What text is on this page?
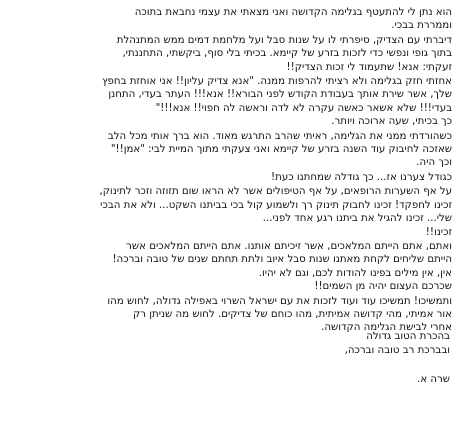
הוא נתן לי להתעטף בגלימה הקדושה ואני מצאתי את עצמי נחבאת בתוכה
וממררת בבכי.
דיברתי עם הצדיק, סיפרתי לו על שנות סבל ועל מלחמת דמים ממש המתנהלת
בתוך גופי ונפשי כדי לזכות בזרע של קיימא. בכיתי בלי סוף, ביקשתי, התחננתי,
זעקתי: אנא! שתעמוד לי זכות הצדיק!!
אחזתי חזק בגלימה ולא רציתי להרפות ממנה. "אנא צדיק עליון!! אני אוחזת בחפץ
שלך, אשר שירת אותך בעבודת הקודש לפני הבורא!! אנא!!! העתר בעדי, התחנן
בעדי!!! שלא אשאר כאשה עקרה לא לדה וראשה לה חפוי!! אנא!!!"
כך בכיתי, שעה ארוכה ויותר.
כשהורדתי ממני את הגלימה, ראיתי שהרב התרגש מאוד. הוא ברך אותי מכל הלב
שאזכה לחיבוק עוד השנה בזרע של קיימא ואני צעקתי מתוך המיית לבי: "אמן!!"
וכך היה.
כגודל צערנו אז... כך גודלה שמחתנו כעת!
על אף השערות הרופאים, על אף הטיפולים אשר לא הראו שום תזוזה וזכר לתינוק,
זכינו לחפקד! זכינו לחבוק תינוק רך ולשמוע קול בכי בביתנו השקט... ולא את הבכי
שלי... זכינו להגיל את ביתנו רגע אחד לפני...
זכינו!!
ואתם, אתם הייתם המלאכים, אשר זיכיתם אותנו. אתם הייתם המלאכים אשר
הייתם שליחים לקחת מאתנו שנות סבל איוב ולתת תחתם שנים של טובה וברכה!
אין, אין מילים בפינו להודות לכם, וגם לא יהיו.
שכרכם העצום יהיה מן השמים!!
ותמשיכו! תמשיכו עוד ועוד לזכות את עם ישראל השרוי באפילה גדולה, לחוש מהו
אור אמיתי, מהי קדושה אמיתית, מהו כוחם של צדיקים. לחוש מה שניתן רק
אחרי לבישת הגלימה הקדושה.
בהכרת הטוב גדולה
ובברכת רב טובה וברכה,
שרה א.
